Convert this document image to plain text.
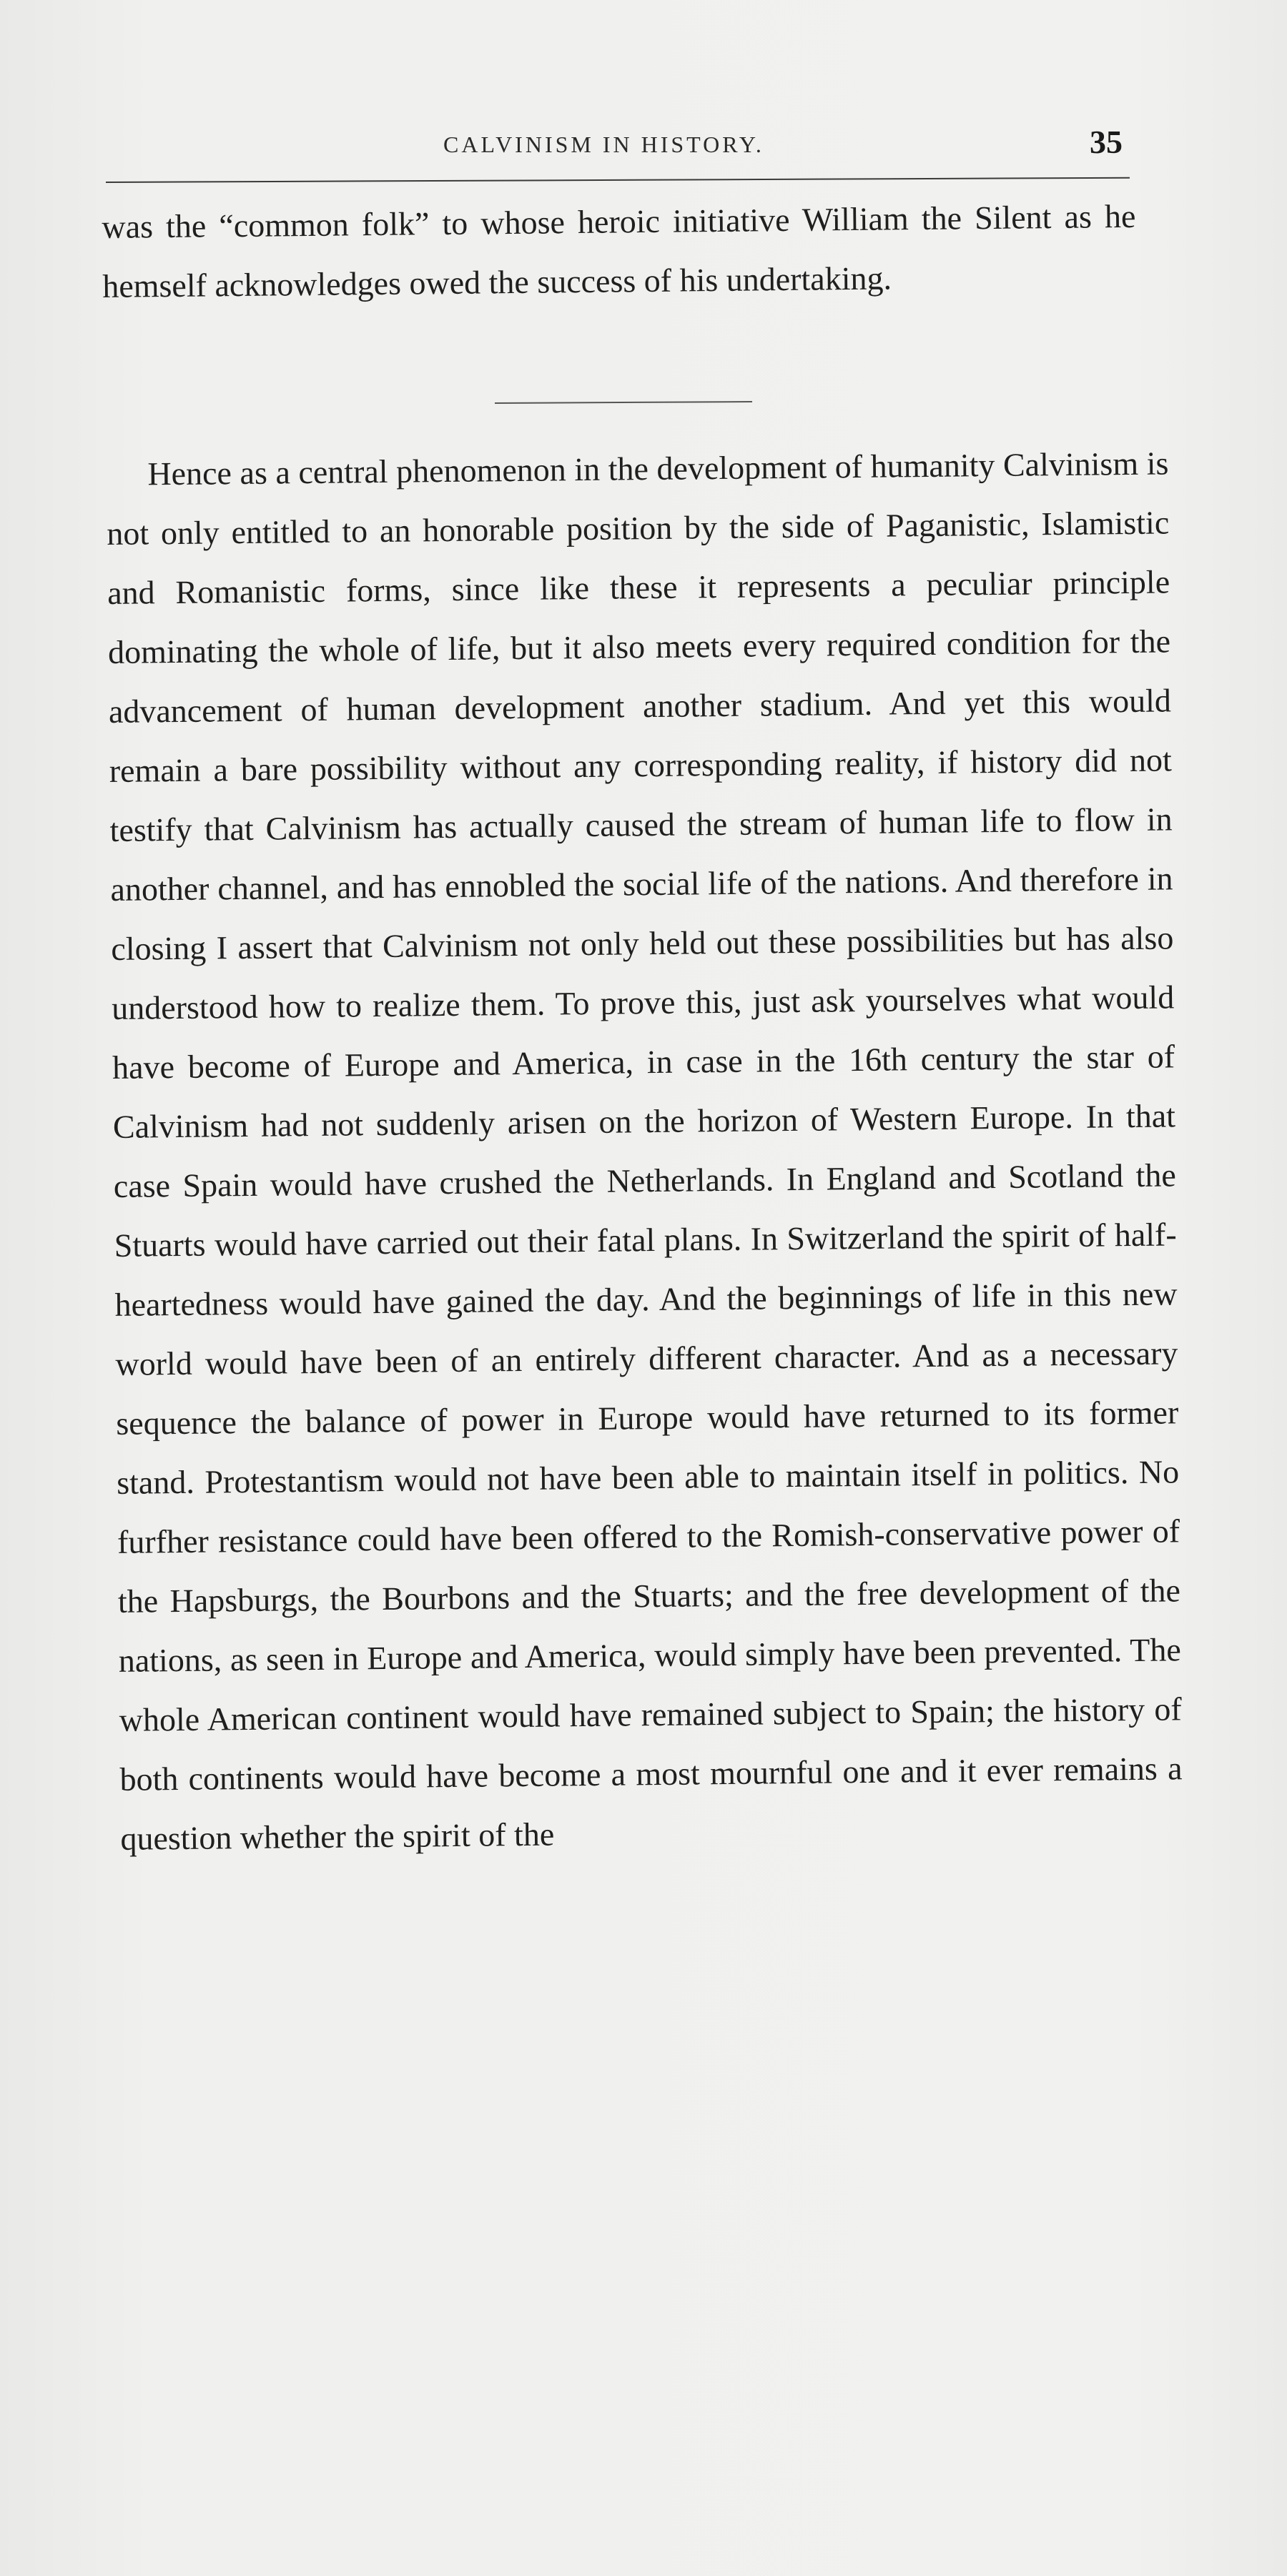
CALVINISM IN HISTORY.	35

was the “common folk” to whose heroic initiative William the Silent as he hemself acknowledges owed the success of his undertaking.

Hence as a central phenomenon in the development of humanity Calvinism is not only entitled to an honorable position by the side of Paganistic, Islamistic and Romanistic forms, since like these it represents a peculiar principle dominating the whole of life, but it also meets every required condition for the advancement of human development another stadium. And yet this would remain a bare possibility without any corresponding reality, if history did not testify that Calvinism has actually caused the stream of human life to flow in another channel, and has ennobled the social life of the nations. And therefore in closing I assert that Calvinism not only held out these possibilities but has also understood how to realize them. To prove this, just ask yourselves what would have become of Europe and America, in case in the 16th century the star of Calvinism had not suddenly arisen on the horizon of Western Europe. In that case Spain would have crushed the Netherlands. In England and Scotland the Stuarts would have carried out their fatal plans. In Switzerland the spirit of half-heartedness would have gained the day. And the beginnings of life in this new world would have been of an entirely different character. And as a necessary sequence the balance of power in Europe would have returned to its former stand. Protestantism would not have been able to maintain itself in politics. No furfher resistance could have been offered to the Romish-conservative power of the Hapsburgs, the Bourbons and the Stuarts; and the free development of the nations, as seen in Europe and America, would simply have been prevented. The whole American continent would have remained subject to Spain; the history of both continents would have become a most mournful one and it ever remains a question whether the spirit of the
